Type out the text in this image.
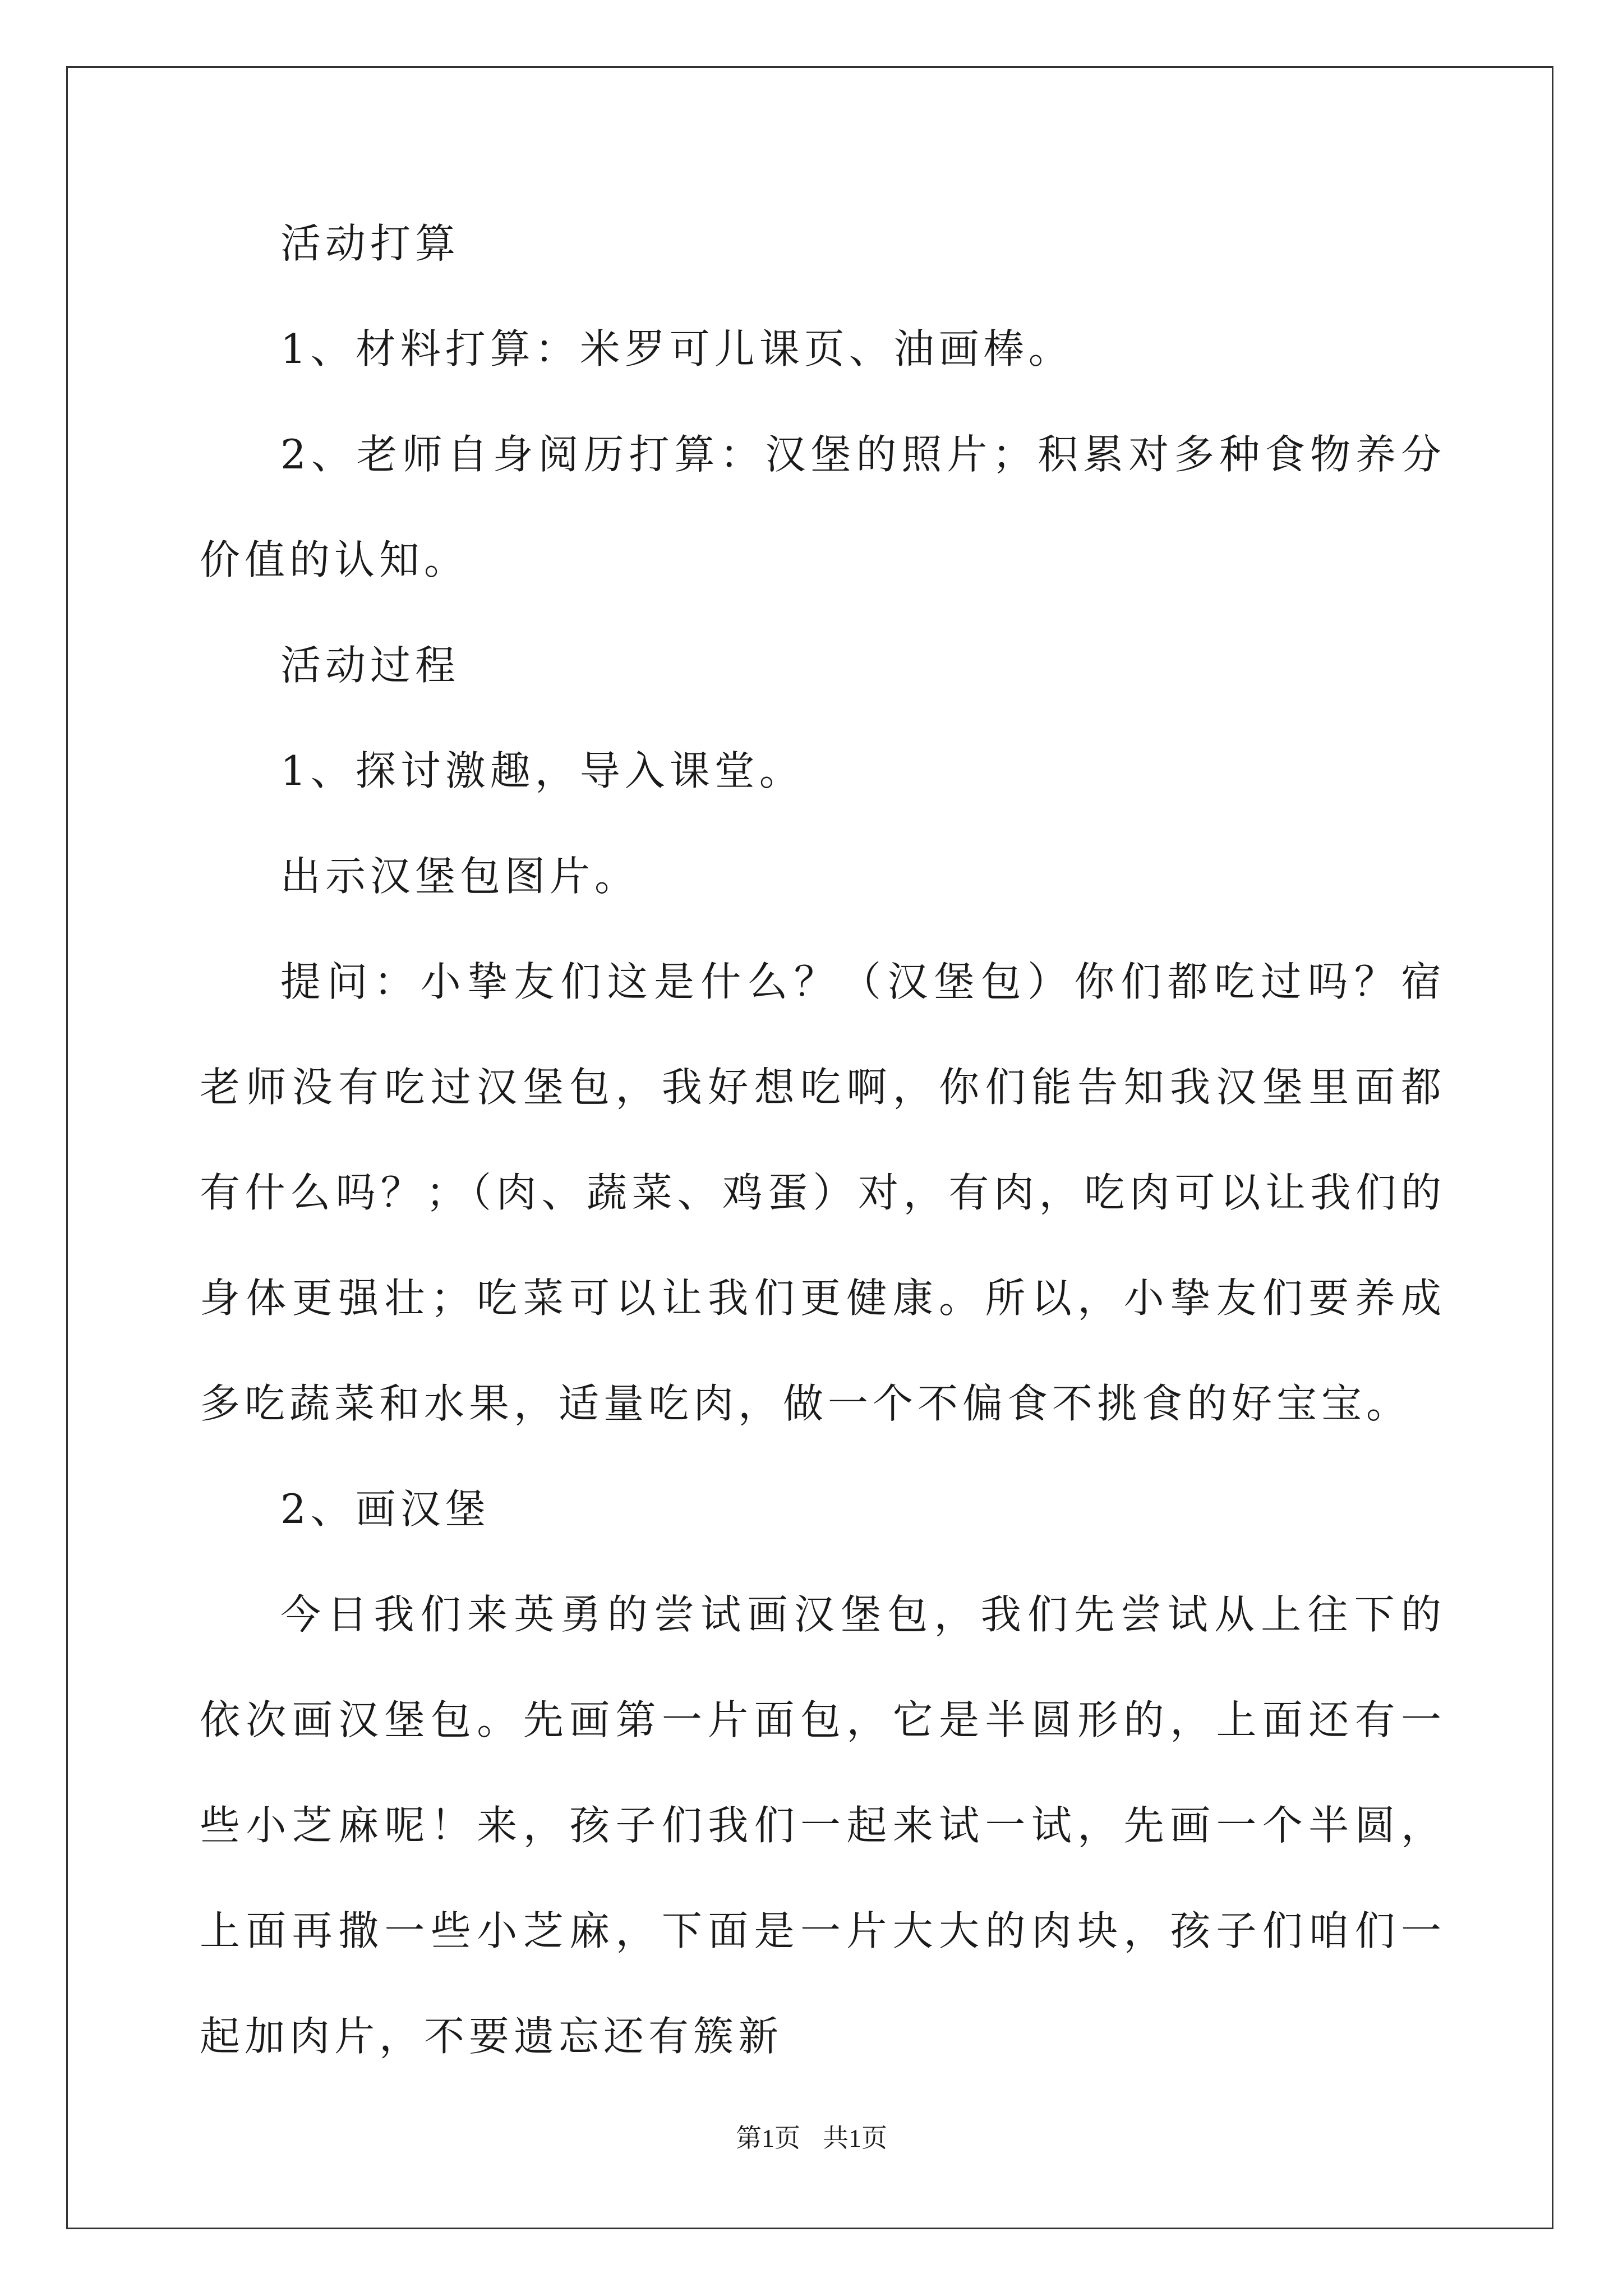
活动打算

1、材料打算：米罗可儿课页、油画棒。

2、老师自身阅历打算：汉堡的照片；积累对多种食物养分价值的认知。

活动过程

1、探讨激趣，导入课堂。

出示汉堡包图片。

提问：小挚友们这是什么？（汉堡包）你们都吃过吗？宿老师没有吃过汉堡包，我好想吃啊，你们能告知我汉堡里面都有什么吗？；（肉、蔬菜、鸡蛋）对，有肉，吃肉可以让我们的身体更强壮；吃菜可以让我们更健康。所以，小挚友们要养成多吃蔬菜和水果，适量吃肉，做一个不偏食不挑食的好宝宝。

2、画汉堡

今日我们来英勇的尝试画汉堡包，我们先尝试从上往下的依次画汉堡包。先画第一片面包，它是半圆形的，上面还有一些小芝麻呢！来，孩子们我们一起来试一试，先画一个半圆，上面再撒一些小芝麻，下面是一片大大的肉块，孩子们咱们一起加肉片，不要遗忘还有簇新

第1页 共1页
